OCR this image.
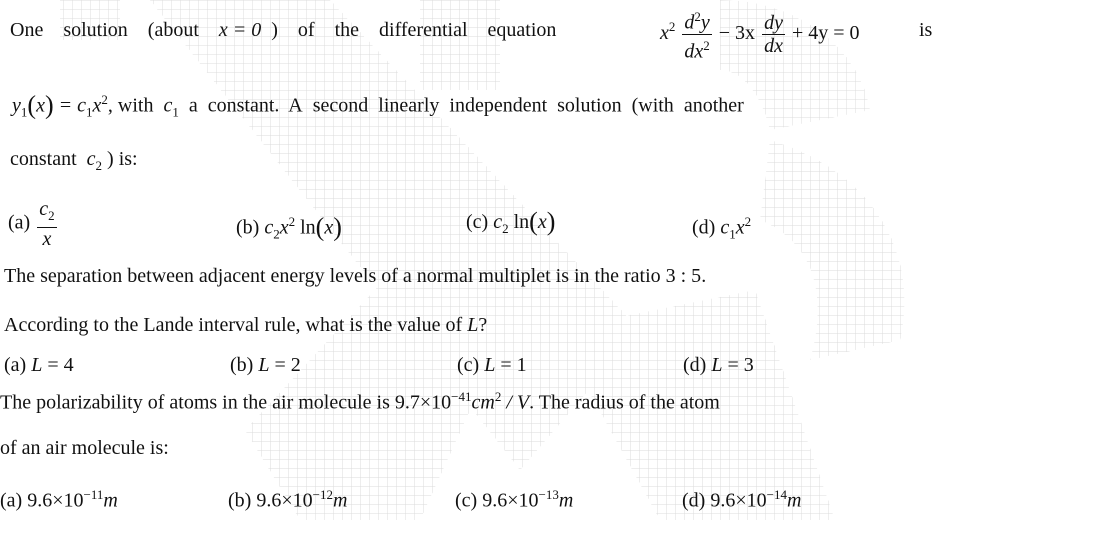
One solution (about x = 0 ) of the differential equation	$x^2 \frac{d^2y}{dx^2} - 3x \frac{dy}{dx} + 4y = 0$	is
$y_1(x) = c_1x^2$, with $c_1$ a constant. A second linearly independent solution (with another
constant $c_2$ ) is:
$(a) \frac{c_2}{x}$	(b) $c_2x^2$ ln(x)	(c) $c_2$ ln(x)	(d) $c_1x^2$
The separation between adjacent energy levels of a normal multiplet is in the ratio 3 : 5.
According to the Lande interval rule, what is the value of L?
(a) L = 4	(b) L = 2	(c) L = 1	(d) L = 3
The polarizability of atoms in the air molecule is $9.7\times 10^{-41}cm^2 / V$. The radius of the atom
of an air molecule is:
(a) $9.6\times 10^{-11}m$	(b) $9.6\times 10^{-12}m$	(c) $9.6\times 10^{-13}m$	(d) $9.6\times 10^{-14}m$
